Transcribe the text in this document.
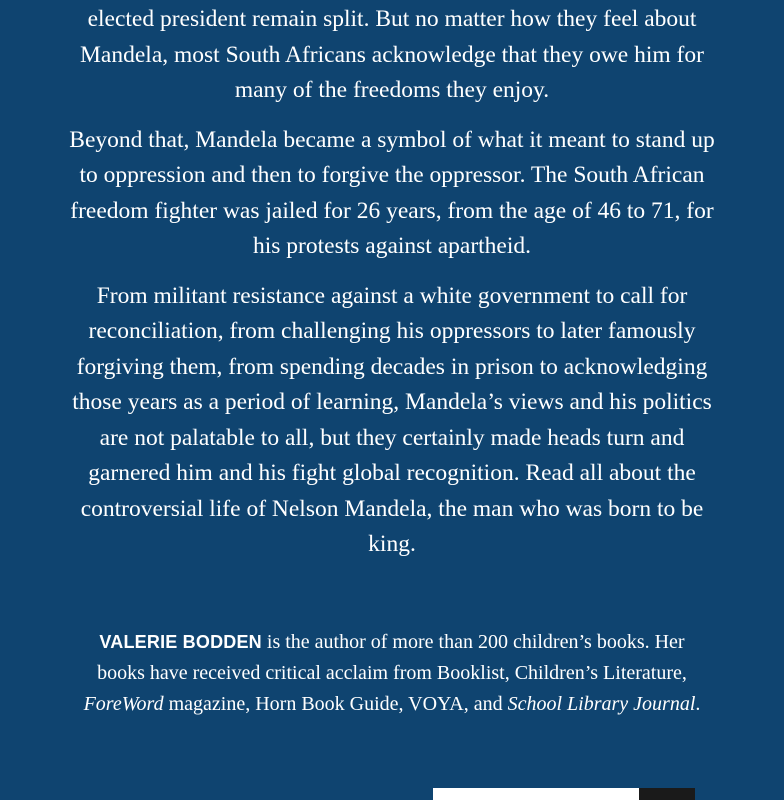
elected president remain split. But no matter how they feel about Mandela, most South Africans acknowledge that they owe him for many of the freedoms they enjoy.

Beyond that, Mandela became a symbol of what it meant to stand up to oppression and then to forgive the oppressor. The South African freedom fighter was jailed for 26 years, from the age of 46 to 71, for his protests against apartheid.

From militant resistance against a white government to call for reconciliation, from challenging his oppressors to later famously forgiving them, from spending decades in prison to acknowledging those years as a period of learning, Mandela’s views and his politics are not palatable to all, but they certainly made heads turn and garnered him and his fight global recognition. Read all about the controversial life of Nelson Mandela, the man who was born to be king.

VALERIE BODDEN is the author of more than 200 children’s books. Her books have received critical acclaim from Booklist, Children’s Literature, ForeWord magazine, Horn Book Guide, VOYA, and School Library Journal.
